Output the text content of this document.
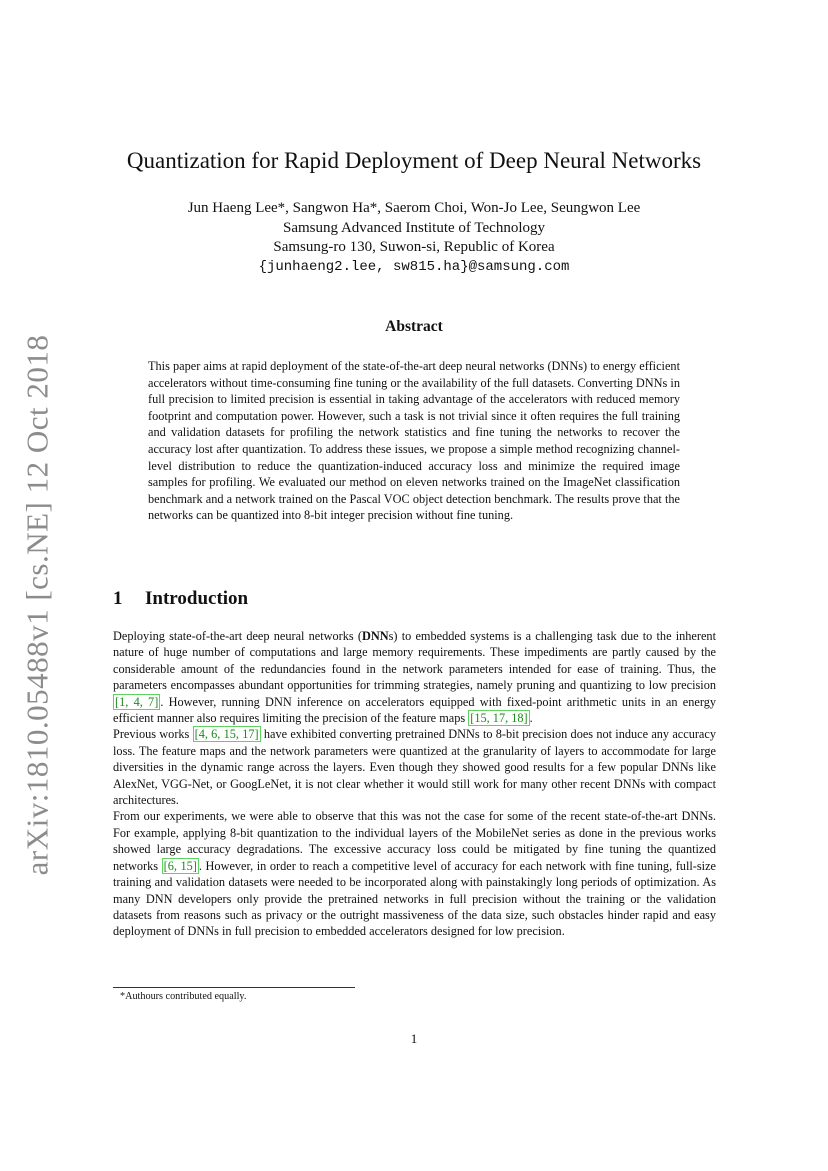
arXiv:1810.05488v1 [cs.NE] 12 Oct 2018
Quantization for Rapid Deployment of Deep Neural Networks
Jun Haeng Lee*, Sangwon Ha*, Saerom Choi, Won-Jo Lee, Seungwon Lee
Samsung Advanced Institute of Technology
Samsung-ro 130, Suwon-si, Republic of Korea
{junhaeng2.lee, sw815.ha}@samsung.com
Abstract

This paper aims at rapid deployment of the state-of-the-art deep neural networks (DNNs) to energy efficient accelerators without time-consuming fine tuning or the availability of the full datasets. Converting DNNs in full precision to limited precision is essential in taking advantage of the accelerators with reduced memory footprint and computation power. However, such a task is not trivial since it often requires the full training and validation datasets for profiling the network statistics and fine tuning the networks to recover the accuracy lost after quantization. To address these issues, we propose a simple method recognizing channel-level distribution to reduce the quantization-induced accuracy loss and minimize the required image samples for profiling. We evaluated our method on eleven networks trained on the ImageNet classification benchmark and a network trained on the Pascal VOC object detection benchmark. The results prove that the networks can be quantized into 8-bit integer precision without fine tuning.

1 Introduction

Deploying state-of-the-art deep neural networks (DNNs) to embedded systems is a challenging task due to the inherent nature of huge number of computations and large memory requirements. These impediments are partly caused by the considerable amount of the redundancies found in the network parameters intended for ease of training. Thus, the parameters encompasses abundant opportunities for trimming strategies, namely pruning and quantizing to low precision [1, 4, 7] . However, running DNN inference on accelerators equipped with fixed-point arithmetic units in an energy efficient manner also requires limiting the precision of the feature maps [15, 17, 18] .

Previous works [4, 6, 15, 17] have exhibited converting pretrained DNNs to 8-bit precision does not induce any accuracy loss. The feature maps and the network parameters were quantized at the granularity of layers to accommodate for large diversities in the dynamic range across the layers. Even though they showed good results for a few popular DNNs like AlexNet, VGG-Net, or GoogLeNet, it is not clear whether it would still work for many other recent DNNs with compact architectures.

From our experiments, we were able to observe that this was not the case for some of the recent state-of-the-art DNNs. For example, applying 8-bit quantization to the individual layers of the MobileNet series as done in the previous works showed large accuracy degradations. The excessive accuracy loss could be mitigated by fine tuning the quantized networks [6, 15] . However, in order to reach a competitive level of accuracy for each network with fine tuning, full-size training and validation datasets were needed to be incorporated along with painstakingly long periods of optimization. As many DNN developers only provide the pretrained networks in full precision without the training or the validation datasets from reasons such as privacy or the outright massiveness of the data size, such obstacles hinder rapid and easy deployment of DNNs in full precision to embedded accelerators designed for low precision.

*Authours contributed equally.

1
